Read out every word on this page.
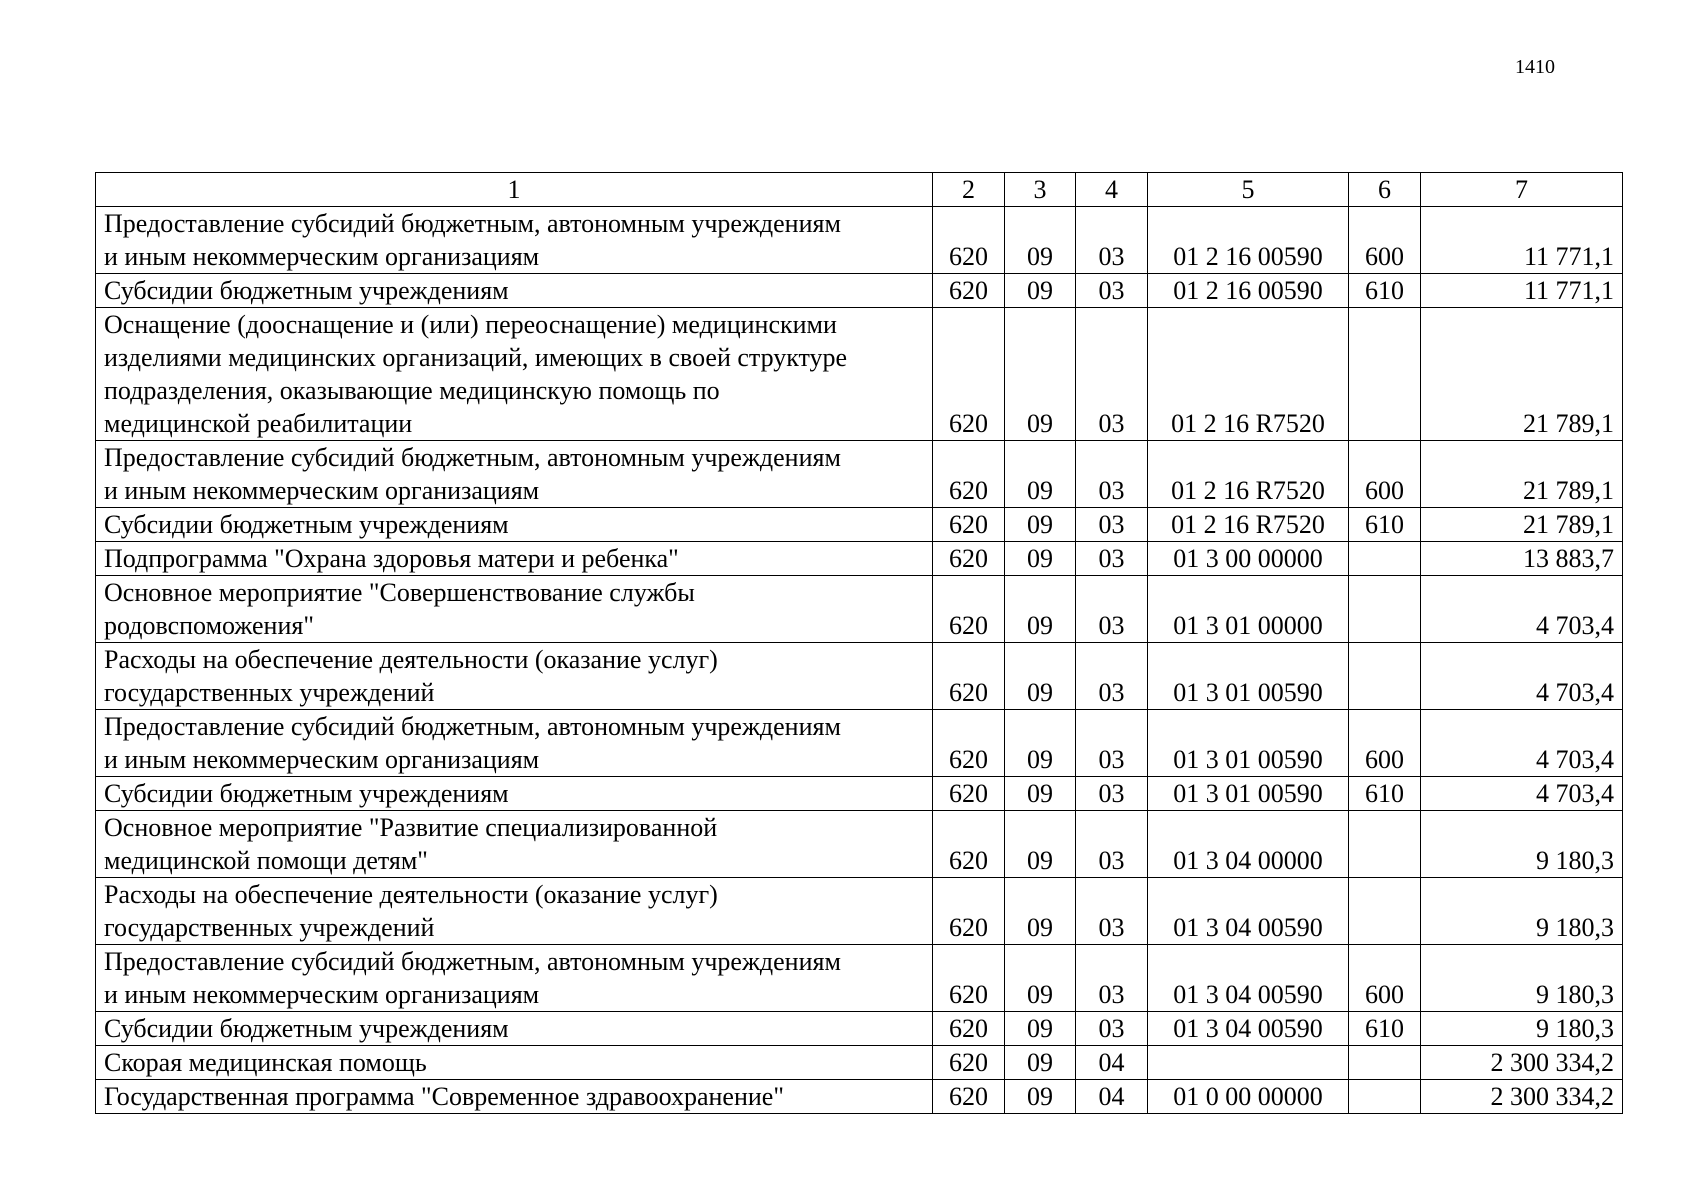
1410
1	2	3	4	5	6	7

Предоставление субсидий бюджетным, автономным учреждениям
и иным некоммерческим организациям	620	09	03	01 2 16 00590	600	11 771,1

Субсидии бюджетным учреждениям	620	09	03	01 2 16 00590	610	11 771,1

Оснащение (дооснащение и (или) переоснащение) медицинскими
изделиями медицинских организаций, имеющих в своей структуре
подразделения, оказывающие медицинскую помощь по
медицинской реабилитации	620	09	03	01 2 16 R7520		21 789,1

Предоставление субсидий бюджетным, автономным учреждениям
и иным некоммерческим организациям	620	09	03	01 2 16 R7520	600	21 789,1

Субсидии бюджетным учреждениям	620	09	03	01 2 16 R7520	610	21 789,1

Подпрограмма "Охрана здоровья матери и ребенка"	620	09	03	01 3 00 00000		13 883,7

Основное мероприятие "Совершенствование службы
родовспоможения"	620	09	03	01 3 01 00000		4 703,4

Расходы на обеспечение деятельности (оказание услуг)
государственных учреждений	620	09	03	01 3 01 00590		4 703,4

Предоставление субсидий бюджетным, автономным учреждениям
и иным некоммерческим организациям	620	09	03	01 3 01 00590	600	4 703,4

Субсидии бюджетным учреждениям	620	09	03	01 3 01 00590	610	4 703,4

Основное мероприятие "Развитие специализированной
медицинской помощи детям"	620	09	03	01 3 04 00000		9 180,3

Расходы на обеспечение деятельности (оказание услуг)
государственных учреждений	620	09	03	01 3 04 00590		9 180,3

Предоставление субсидий бюджетным, автономным учреждениям
и иным некоммерческим организациям	620	09	03	01 3 04 00590	600	9 180,3

Субсидии бюджетным учреждениям	620	09	03	01 3 04 00590	610	9 180,3

Скорая медицинская помощь	620	09	04			2 300 334,2

Государственная программа "Современное здравоохранение"	620	09	04	01 0 00 00000		2 300 334,2
